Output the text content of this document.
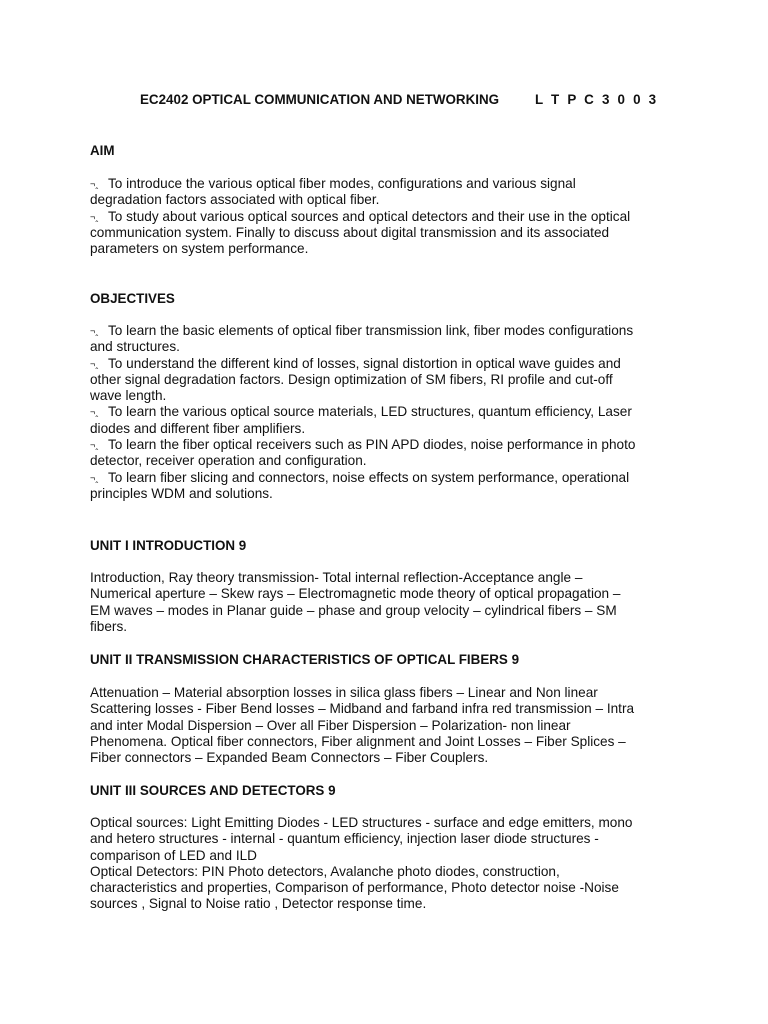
EC2402 OPTICAL COMMUNICATION AND NETWORKING	L T P C 3 0 0 3
AIM
¬‸ To introduce the various optical fiber modes, configurations and various signal degradation factors associated with optical fiber.
¬‸ To study about various optical sources and optical detectors and their use in the optical communication system. Finally to discuss about digital transmission and its associated parameters on system performance.
OBJECTIVES
¬‸ To learn the basic elements of optical fiber transmission link, fiber modes configurations and structures.
¬‸ To understand the different kind of losses, signal distortion in optical wave guides and other signal degradation factors. Design optimization of SM fibers, RI profile and cut-off wave length.
¬‸ To learn the various optical source materials, LED structures, quantum efficiency, Laser diodes and different fiber amplifiers.
¬‸ To learn the fiber optical receivers such as PIN APD diodes, noise performance in photo detector, receiver operation and configuration.
¬‸ To learn fiber slicing and connectors, noise effects on system performance, operational principles WDM and solutions.
UNIT I INTRODUCTION 9

Introduction, Ray theory transmission- Total internal reflection-Acceptance angle – Numerical aperture – Skew rays – Electromagnetic mode theory of optical propagation – EM waves – modes in Planar guide – phase and group velocity – cylindrical fibers – SM fibers.

UNIT II TRANSMISSION CHARACTERISTICS OF OPTICAL FIBERS 9

Attenuation – Material absorption losses in silica glass fibers – Linear and Non linear Scattering losses - Fiber Bend losses – Midband and farband infra red transmission – Intra and inter Modal Dispersion – Over all Fiber Dispersion – Polarization- non linear Phenomena. Optical fiber connectors, Fiber alignment and Joint Losses – Fiber Splices – Fiber connectors – Expanded Beam Connectors – Fiber Couplers.

UNIT III SOURCES AND DETECTORS 9
Optical sources: Light Emitting Diodes - LED structures - surface and edge emitters, mono and hetero structures - internal - quantum efficiency, injection laser diode structures - comparison of LED and ILD
Optical Detectors: PIN Photo detectors, Avalanche photo diodes, construction, characteristics and properties, Comparison of performance, Photo detector noise -Noise sources , Signal to Noise ratio , Detector response time.
